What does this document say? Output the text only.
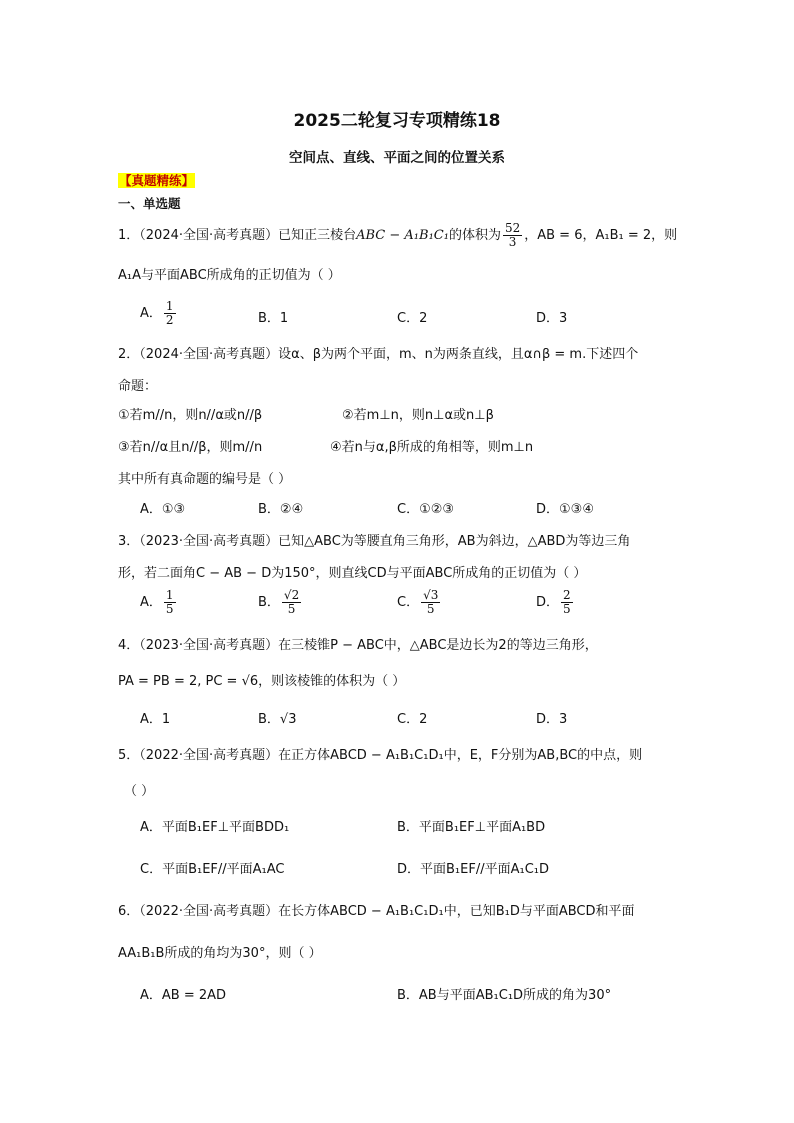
2025二轮复习专项精练18
空间点、直线、平面之间的位置关系
【真题精练】
一、单选题
1．（2024·全国·高考真题）已知正三棱台ABC − A₁B₁C₁的体积为 $\frac{52}{3}$ ，AB = 6，A₁B₁ = 2，则
A₁A与平面ABC所成角的正切值为（ ）
A． $\frac{1}{2}$	B．1	C．2	D．3
2．（2024·全国·高考真题）设α、β为两个平面，m、n为两条直线，且α∩β = m.下述四个
命题：
①若m//n，则n//α或n//β	②若m⊥n，则n⊥α或n⊥β
③若n//α且n//β，则m//n	④若n与α,β所成的角相等，则m⊥n
其中所有真命题的编号是（ ）
A．①③	B．②④	C．①②③	D．①③④
3．（2023·全国·高考真题）已知△ABC为等腰直角三角形，AB为斜边，△ABD为等边三角
形，若二面角C − AB − D为150°，则直线CD与平面ABC所成角的正切值为（ ）
A． $\frac{1}{5}$	B． $\frac{√2}{5}$	C． $\frac{√3}{5}$	D． $\frac{2}{5}$
4．（2023·全国·高考真题）在三棱锥P − ABC中，△ABC是边长为2的等边三角形，
PA = PB = 2, PC = √6，则该棱锥的体积为（ ）
A．1	B．√3	C．2	D．3
5．（2022·全国·高考真题）在正方体ABCD − A₁B₁C₁D₁中，E，F分别为AB,BC的中点，则
（ ）
A．平面B₁EF⊥平面BDD₁	B．平面B₁EF⊥平面A₁BD
C．平面B₁EF//平面A₁AC	D．平面B₁EF//平面A₁C₁D
6．（2022·全国·高考真题）在长方体ABCD − A₁B₁C₁D₁中，已知B₁D与平面ABCD和平面
AA₁B₁B所成的角均为30°，则（ ）
A．AB = 2AD	B．AB与平面AB₁C₁D所成的角为30°
